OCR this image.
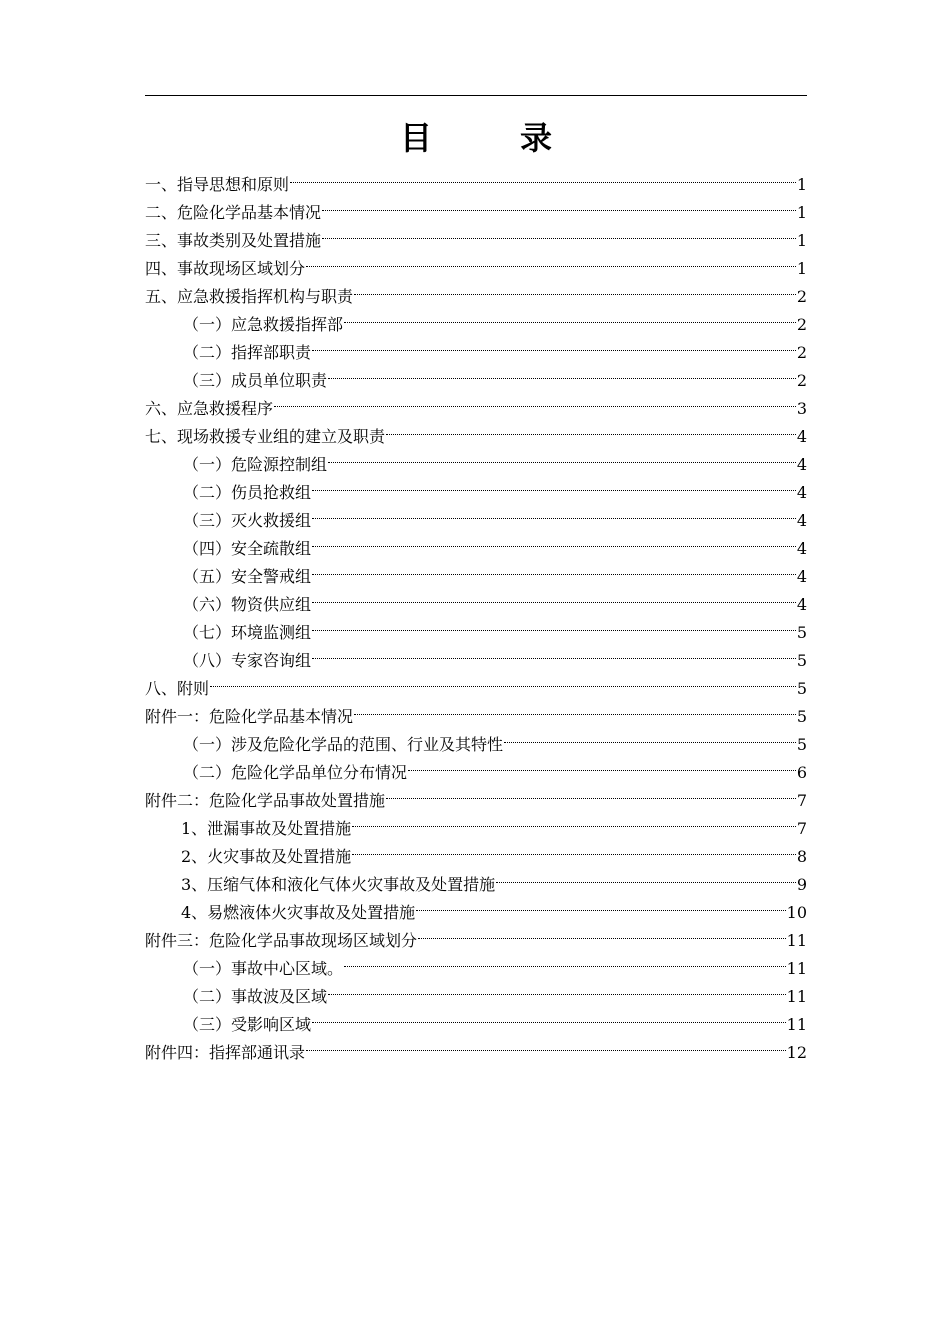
目　录
一、指导思想和原则	1
二、危险化学品基本情况	1
三、事故类别及处置措施	1
四、事故现场区域划分	1
五、应急救援指挥机构与职责	2
（一）应急救援指挥部	2
（二）指挥部职责	2
（三）成员单位职责	2
六、应急救援程序	3
七、现场救援专业组的建立及职责	4
（一）危险源控制组	4
（二）伤员抢救组	4
（三）灭火救援组	4
（四）安全疏散组	4
（五）安全警戒组	4
（六）物资供应组	4
（七）环境监测组	5
（八）专家咨询组	5
八、附则	5
附件一：危险化学品基本情况	5
（一）涉及危险化学品的范围、行业及其特性	5
（二）危险化学品单位分布情况	6
附件二：危险化学品事故处置措施	7
1、泄漏事故及处置措施	7
2、火灾事故及处置措施	8
3、压缩气体和液化气体火灾事故及处置措施	9
4、易燃液体火灾事故及处置措施	10
附件三：危险化学品事故现场区域划分	11
（一）事故中心区域。	11
（二）事故波及区域	11
（三）受影响区域	11
附件四：指挥部通讯录	12
